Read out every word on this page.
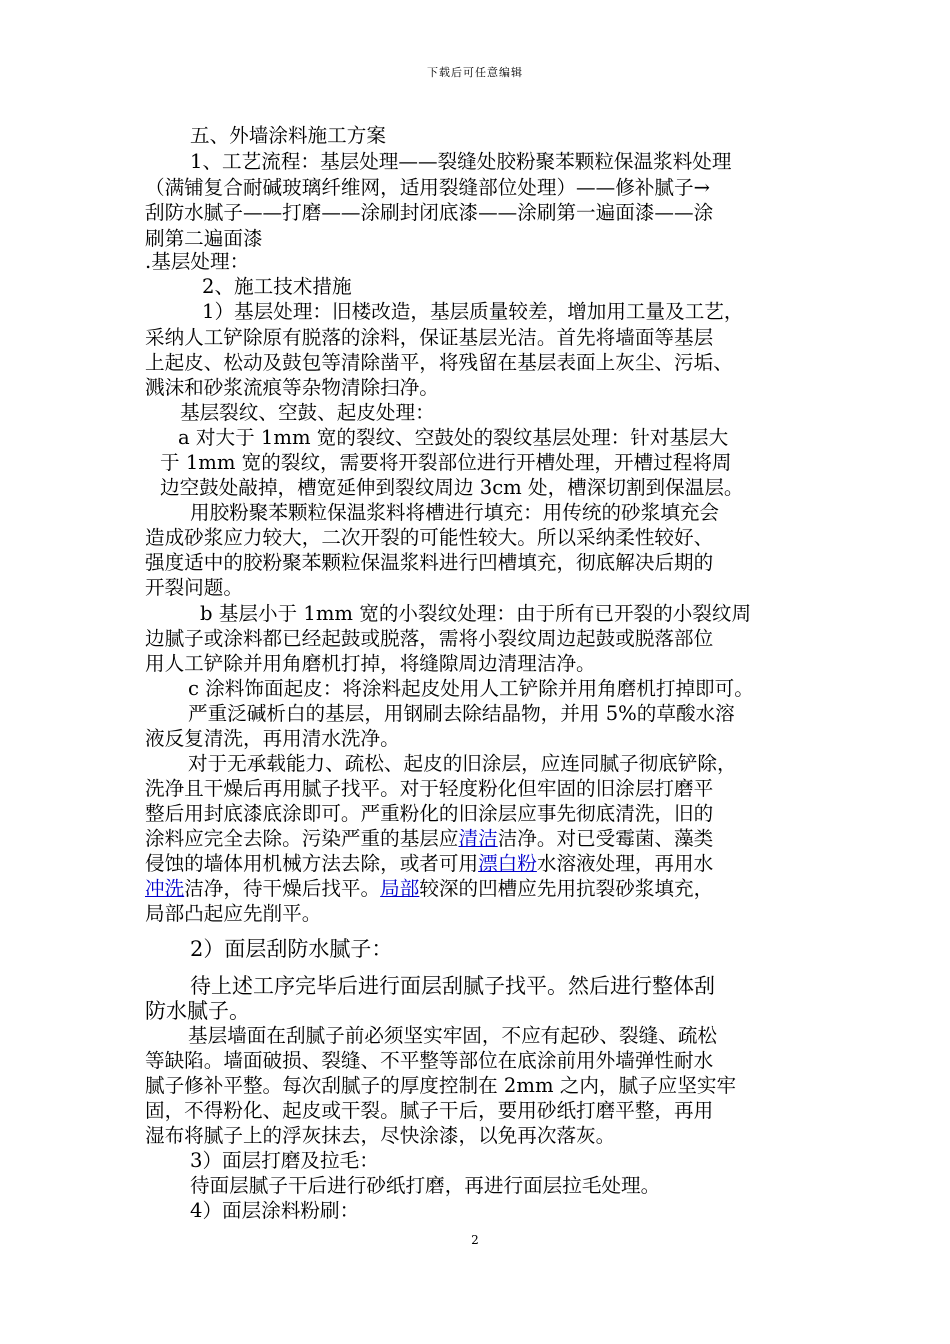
下载后可任意编辑
五、外墙涂料施工方案
1、工艺流程：基层处理——裂缝处胶粉聚苯颗粒保温浆料处理
（满铺复合耐碱玻璃纤维网，适用裂缝部位处理）——修补腻子→
刮防水腻子——打磨——涂刷封闭底漆——涂刷第一遍面漆——涂
刷第二遍面漆
.基层处理：
2、施工技术措施
1）基层处理：旧楼改造，基层质量较差，增加用工量及工艺，
采纳人工铲除原有脱落的涂料，保证基层光洁。首先将墙面等基层
上起皮、松动及鼓包等清除凿平，将残留在基层表面上灰尘、污垢、
溅沫和砂浆流痕等杂物清除扫净。
基层裂纹、空鼓、起皮处理：
a 对大于 1mm 宽的裂纹、空鼓处的裂纹基层处理：针对基层大
于 1mm 宽的裂纹，需要将开裂部位进行开槽处理，开槽过程将周
边空鼓处敲掉，槽宽延伸到裂纹周边 3cm 处，槽深切割到保温层。
用胶粉聚苯颗粒保温浆料将槽进行填充：用传统的砂浆填充会
造成砂浆应力较大，二次开裂的可能性较大。所以采纳柔性较好、
强度适中的胶粉聚苯颗粒保温浆料进行凹槽填充，彻底解决后期的
开裂问题。
b 基层小于 1mm 宽的小裂纹处理：由于所有已开裂的小裂纹周
边腻子或涂料都已经起鼓或脱落，需将小裂纹周边起鼓或脱落部位
用人工铲除并用角磨机打掉，将缝隙周边清理洁净。
c 涂料饰面起皮：将涂料起皮处用人工铲除并用角磨机打掉即可。
严重泛碱析白的基层，用钢刷去除结晶物，并用 5%的草酸水溶
液反复清洗，再用清水洗净。
对于无承载能力、疏松、起皮的旧涂层，应连同腻子彻底铲除，
洗净且干燥后再用腻子找平。对于轻度粉化但牢固的旧涂层打磨平
整后用封底漆底涂即可。严重粉化的旧涂层应事先彻底清洗，旧的
涂料应完全去除。污染严重的基层应清洁洁净。对已受霉菌、藻类
侵蚀的墙体用机械方法去除，或者可用漂白粉水溶液处理，再用水
冲洗洁净，待干燥后找平。局部较深的凹槽应先用抗裂砂浆填充，
局部凸起应先削平。
2）面层刮防水腻子：
待上述工序完毕后进行面层刮腻子找平。然后进行整体刮
防水腻子。
基层墙面在刮腻子前必须坚实牢固，不应有起砂、裂缝、疏松
等缺陷。墙面破损、裂缝、不平整等部位在底涂前用外墙弹性耐水
腻子修补平整。每次刮腻子的厚度控制在 2mm 之内，腻子应坚实牢
固，不得粉化、起皮或干裂。腻子干后，要用砂纸打磨平整，再用
湿布将腻子上的浮灰抹去，尽快涂漆，以免再次落灰。
3）面层打磨及拉毛：
待面层腻子干后进行砂纸打磨，再进行面层拉毛处理。
4）面层涂料粉刷：
2
